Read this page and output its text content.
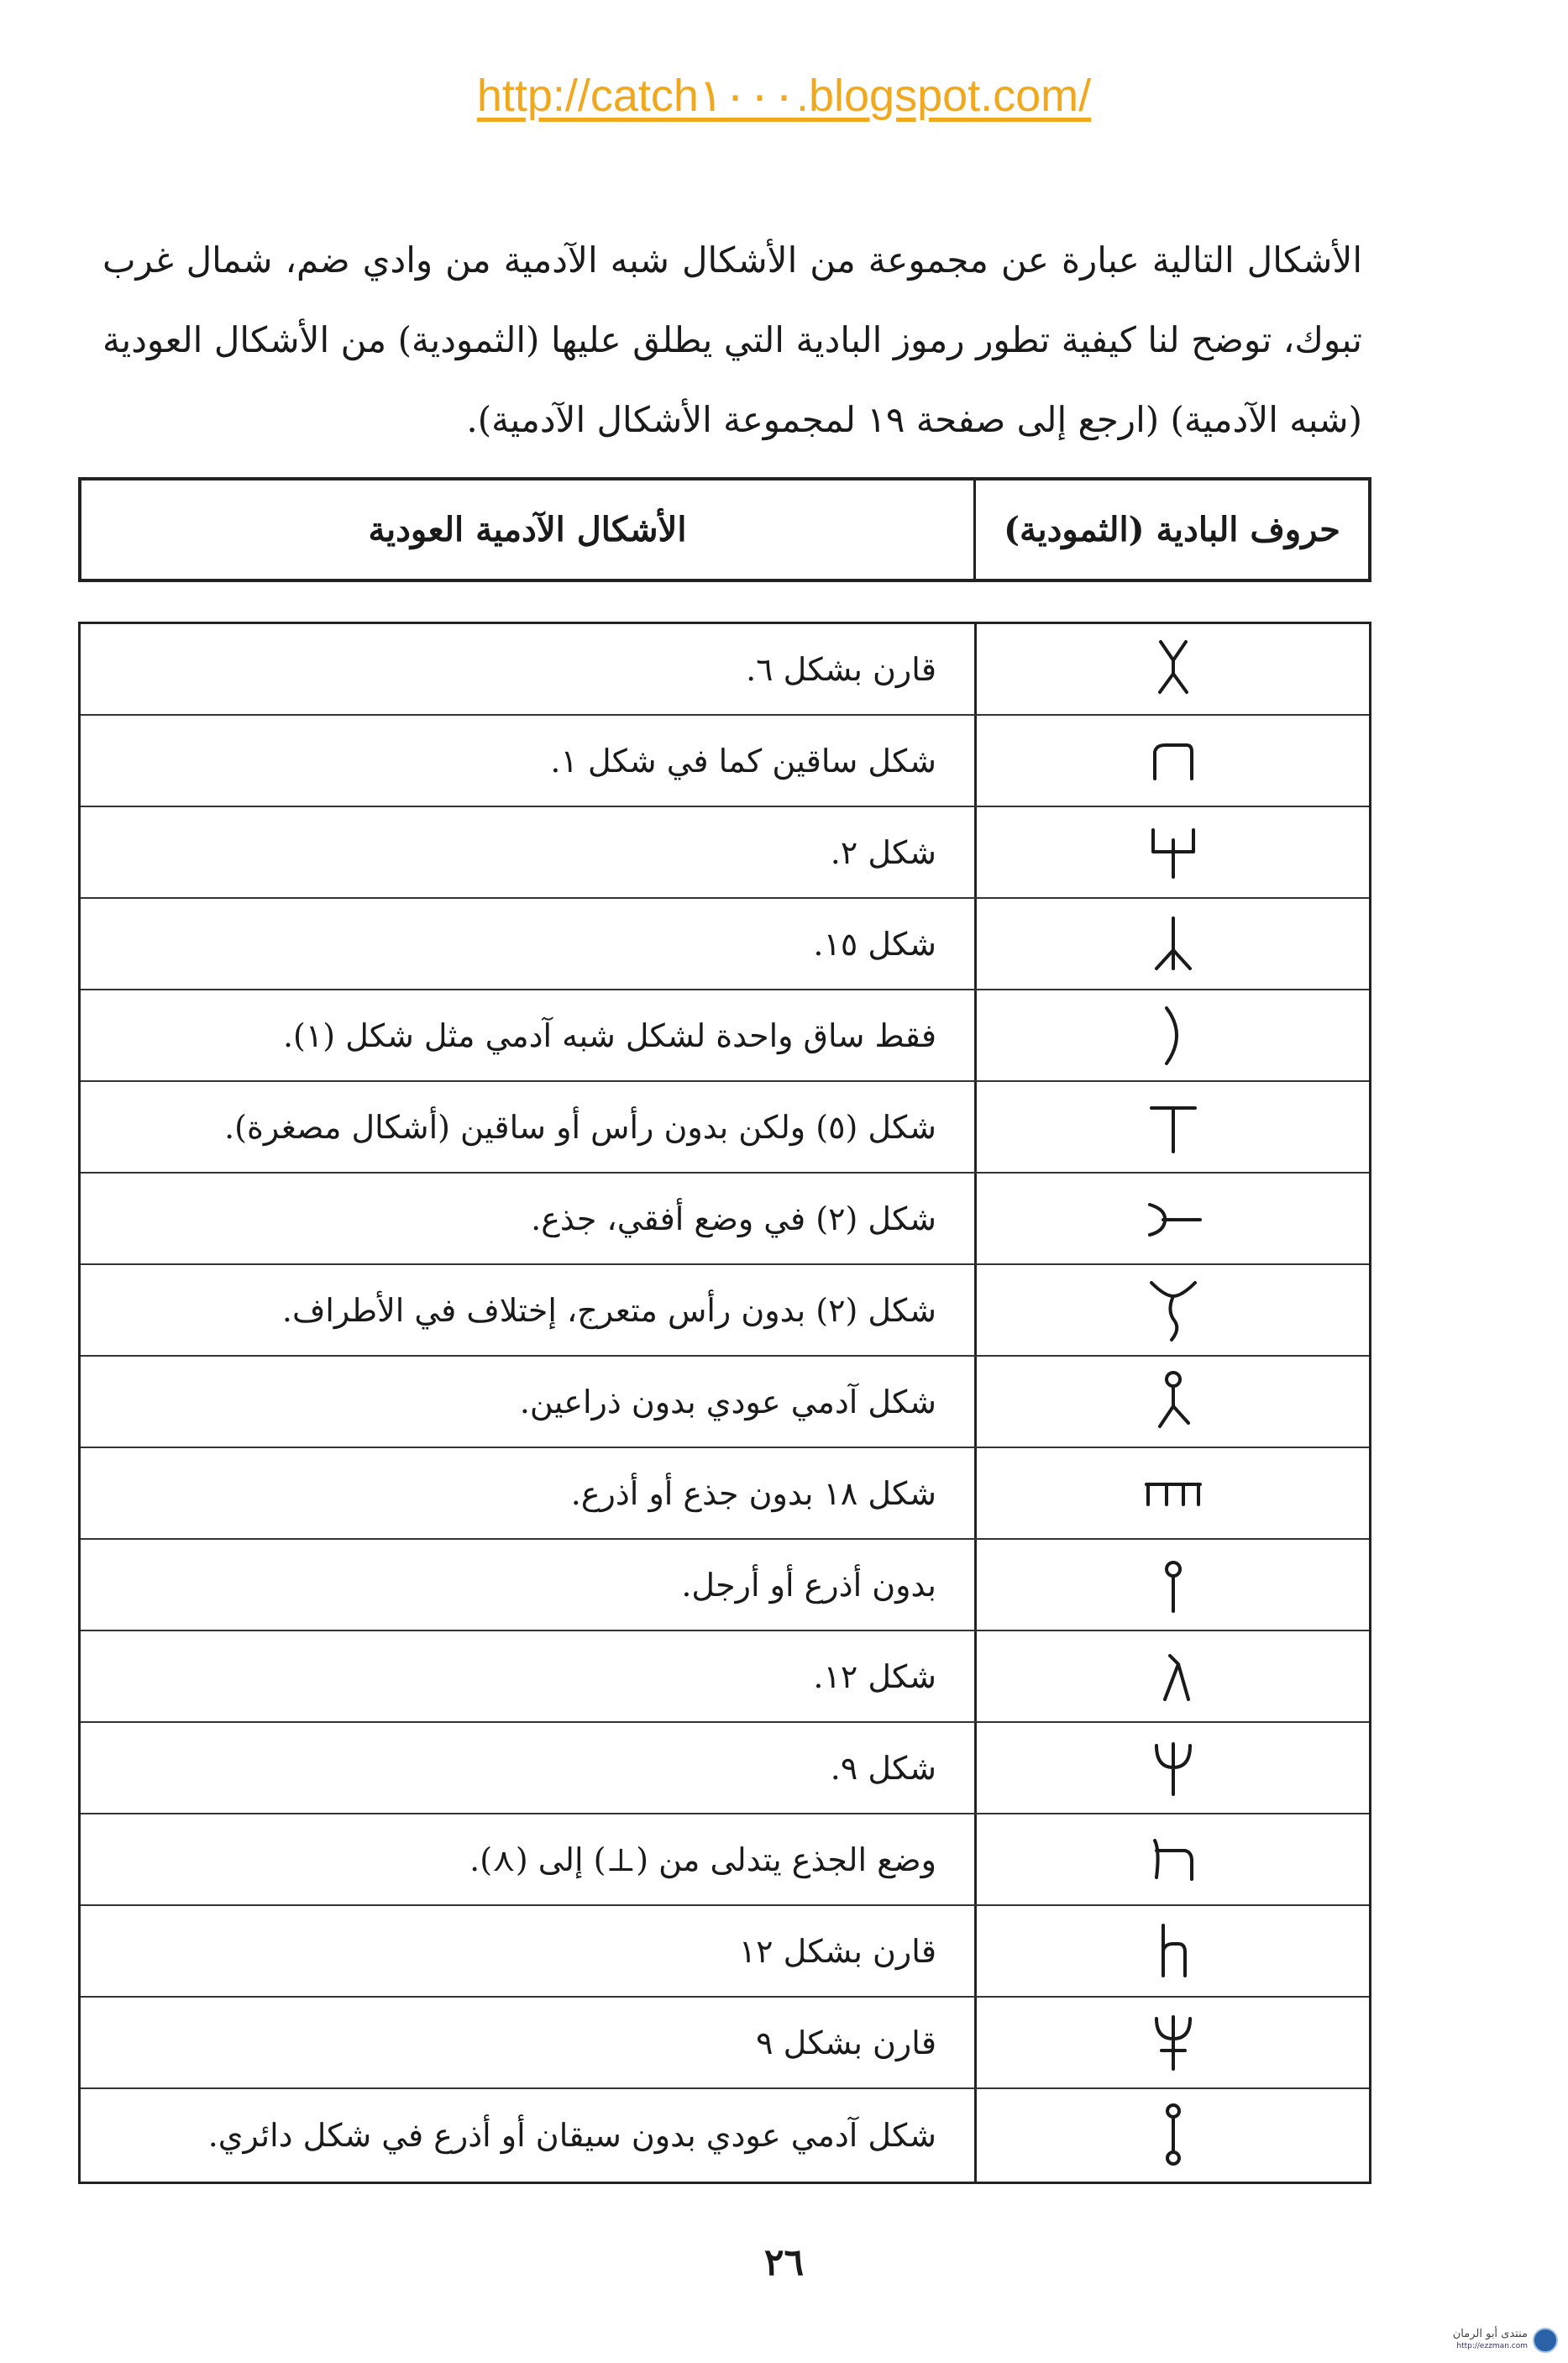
http://catch١٠٠٠.blogspot.com/
الأشكال التالية عبارة عن مجموعة من الأشكال شبه الآدمية من وادي ضم، شمال غرب تبوك، توضح لنا كيفية تطور رموز البادية التي يطلق عليها (الثمودية) من الأشكال العودية (شبه الآدمية) (ارجع إلى صفحة ١٩ لمجموعة الأشكال الآدمية).
حروف البادية (الثمودية)
الأشكال الآدمية العودية
قارن بشكل ٦.
شكل ساقين كما في شكل ١.
شكل ٢.
شكل ١٥.
فقط ساق واحدة لشكل شبه آدمي مثل شكل (١).
شكل (٥) ولكن بدون رأس أو ساقين (أشكال مصغرة).
شكل (٢) في وضع أفقي، جذع.
شكل (٢) بدون رأس متعرج، إختلاف في الأطراف.
شكل آدمي عودي بدون ذراعين.
شكل ١٨ بدون جذع أو أذرع.
بدون أذرع أو أرجل.
شكل ١٢.
شكل ٩.
وضع الجذع يتدلى من (⊥) إلى (⋏).
قارن بشكل ١٢
قارن بشكل ٩
شكل آدمي عودي بدون سيقان أو أذرع في شكل دائري.
٢٦
منتدى أبو الرمان
http://ezzman.com
